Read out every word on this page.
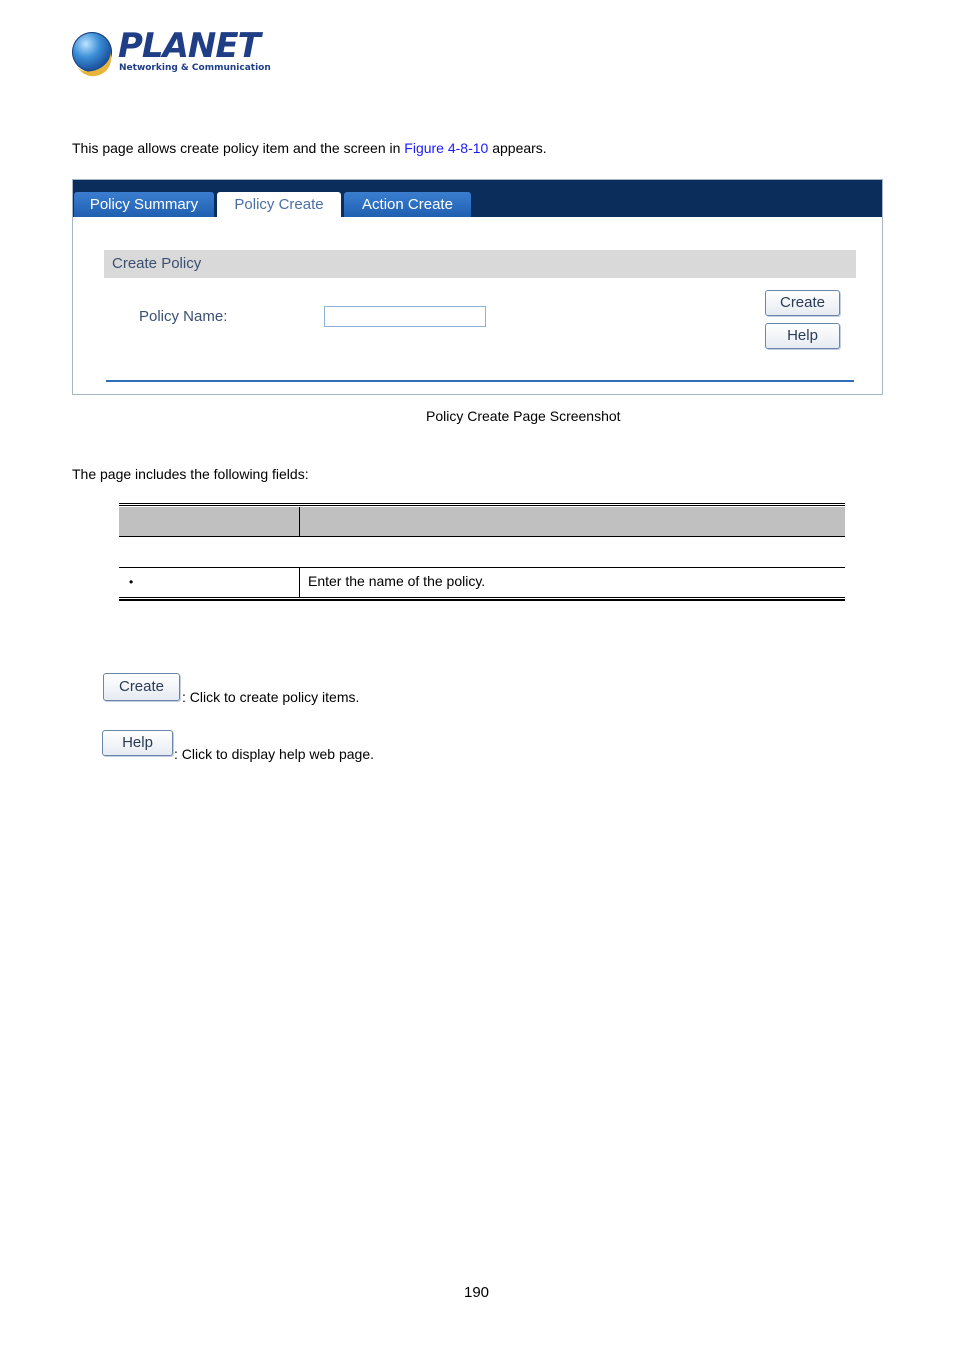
PLANET
Networking & Communication
This page allows create policy item and the screen in Figure 4-8-10 appears.
Policy Summary	Policy Create	Action Create
Create Policy
Policy Name:
Create
Help
Policy Create Page Screenshot
The page includes the following fields:
•	Enter the name of the policy.
Create
: Click to create policy items.
Help
: Click to display help web page.
190
